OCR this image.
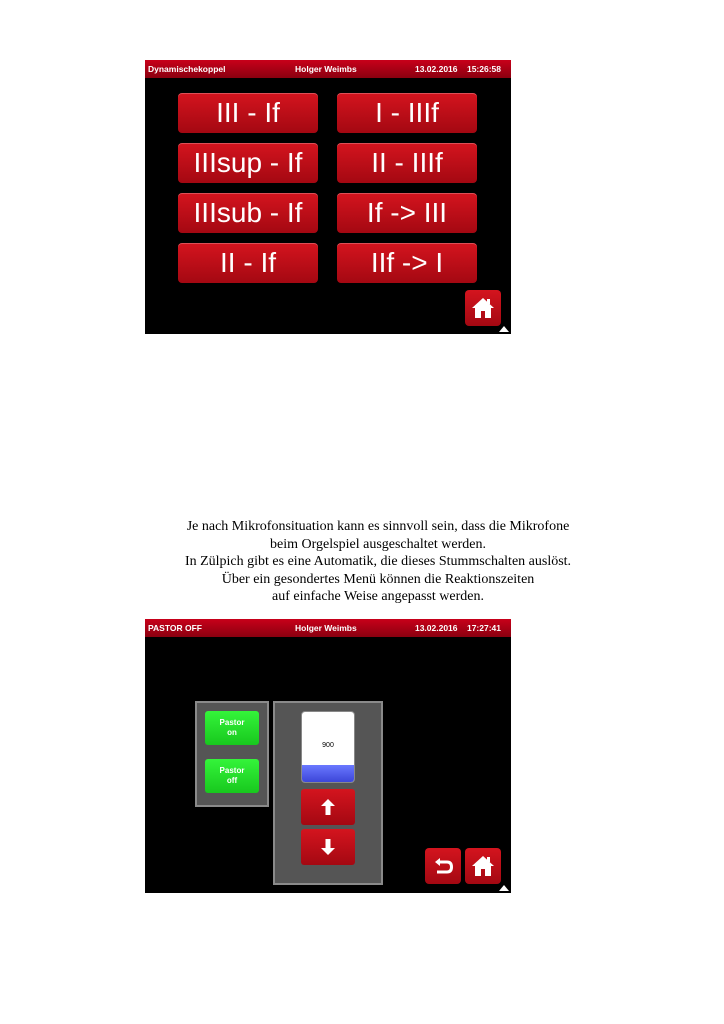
Dynamischekoppel	Holger Weimbs	13.02.2016 15:26:58
III - If	I - IIIf
IIIsup - If	II - IIIf
IIIsub - If	If -> III
II - If	IIf -> I
Je nach Mikrofonsituation kann es sinnvoll sein, dass die Mikrofone
beim Orgelspiel ausgeschaltet werden.
In Zülpich gibt es eine Automatik, die dieses Stummschalten auslöst.
Über ein gesondertes Menü können die Reaktionszeiten
auf einfache Weise angepasst werden.
PASTOR OFF	Holger Weimbs	13.02.2016 17:27:41
Pastor
on
Pastor
off
900
